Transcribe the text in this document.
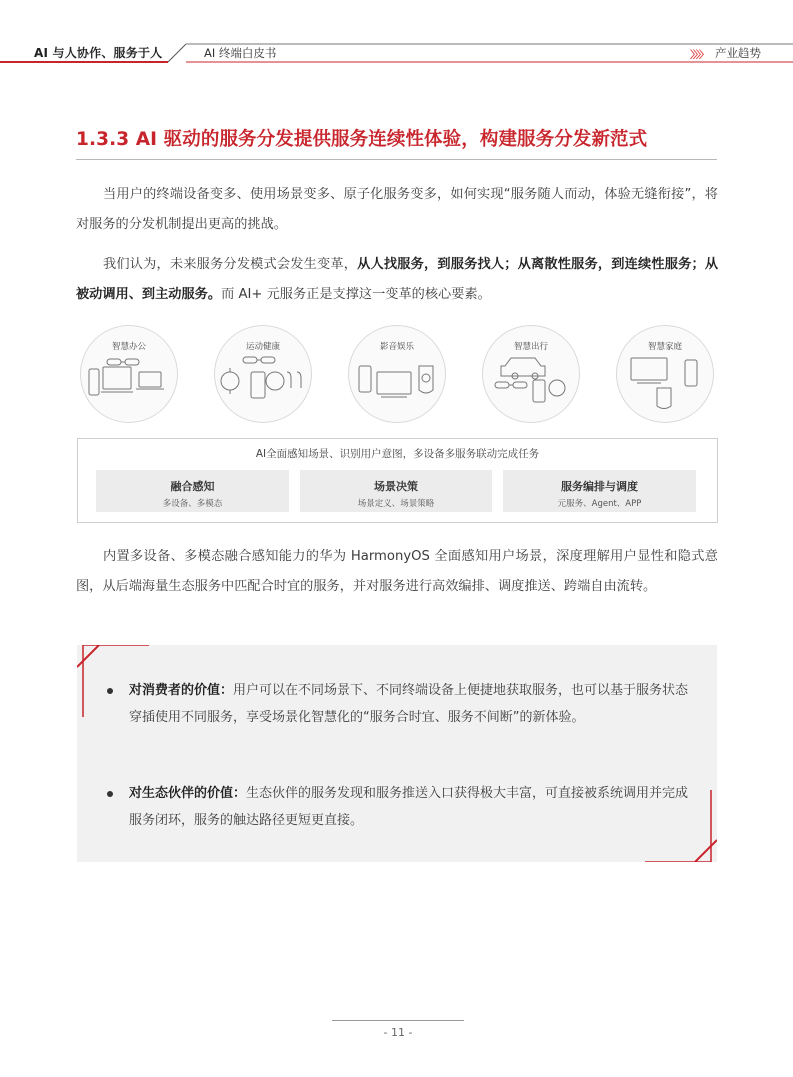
AI 与人协作、服务于人	AI 终端白皮书	〉〉〉〉 产业趋势
1.3.3 AI 驱动的服务分发提供服务连续性体验，构建服务分发新范式
当用户的终端设备变多、使用场景变多、原子化服务变多，如何实现“服务随人而动，体验无缝衔接”，将对服务的分发机制提出更高的挑战。
我们认为，未来服务分发模式会发生变革，从人找服务，到服务找人；从离散性服务，到连续性服务；从被动调用、到主动服务。而 AI+ 元服务正是支撑这一变革的核心要素。
智慧办公	运动健康	影音娱乐	智慧出行	智慧家庭
AI全面感知场景、识别用户意图，多设备多服务联动完成任务
融合感知
多设备、多模态
场景决策
场景定义、场景策略
服务编排与调度
元服务、Agent、APP
内置多设备、多模态融合感知能力的华为 HarmonyOS 全面感知用户场景，深度理解用户显性和隐式意图，从后端海量生态服务中匹配合时宜的服务，并对服务进行高效编排、调度推送、跨端自由流转。
对消费者的价值：用户可以在不同场景下、不同终端设备上便捷地获取服务，也可以基于服务状态穿插使用不同服务，享受场景化智慧化的“服务合时宜、服务不间断”的新体验。
对生态伙伴的价值：生态伙伴的服务发现和服务推送入口获得极大丰富，可直接被系统调用并完成服务闭环，服务的触达路径更短更直接。
- 11 -
